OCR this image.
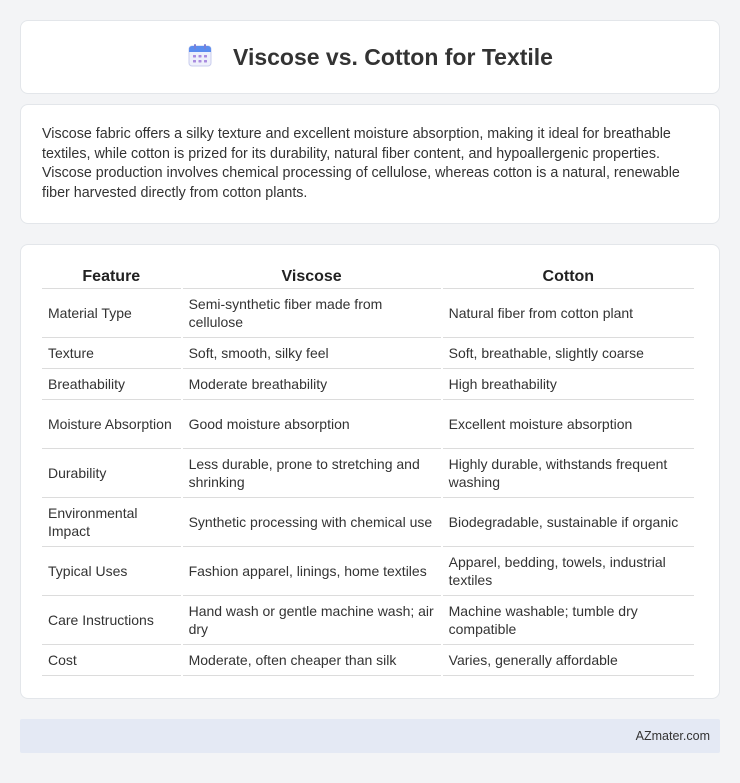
Viscose vs. Cotton for Textile

Viscose fabric offers a silky texture and excellent moisture absorption, making it ideal for breathable textiles, while cotton is prized for its durability, natural fiber content, and hypoallergenic properties. Viscose production involves chemical processing of cellulose, whereas cotton is a natural, renewable fiber harvested directly from cotton plants.

Feature	Viscose	Cotton
Material Type	Semi-synthetic fiber made from cellulose	Natural fiber from cotton plant
Texture	Soft, smooth, silky feel	Soft, breathable, slightly coarse
Breathability	Moderate breathability	High breathability
Moisture Absorption	Good moisture absorption	Excellent moisture absorption
Durability	Less durable, prone to stretching and shrinking	Highly durable, withstands frequent washing
Environmental Impact	Synthetic processing with chemical use	Biodegradable, sustainable if organic
Typical Uses	Fashion apparel, linings, home textiles	Apparel, bedding, towels, industrial textiles
Care Instructions	Hand wash or gentle machine wash; air dry	Machine washable; tumble dry compatible
Cost	Moderate, often cheaper than silk	Varies, generally affordable
AZmater.com
